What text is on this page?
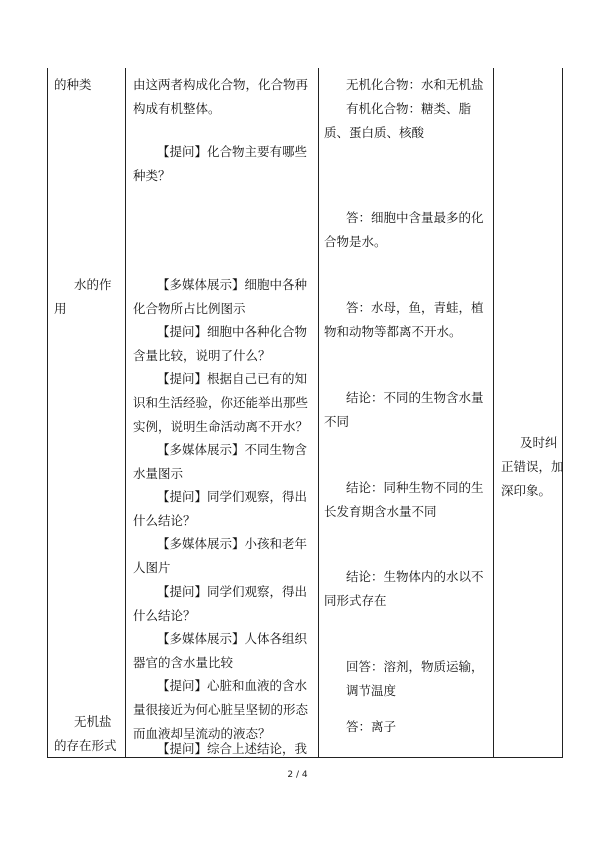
的种类
水的作
用
无机盐
的存在形式
由这两者构成化合物，化合物再
构成有机整体。
【提问】化合物主要有哪些
种类？
【多媒体展示】细胞中各种
化合物所占比例图示
【提问】细胞中各种化合物
含量比较，说明了什么？
【提问】根据自己已有的知
识和生活经验，你还能举出那些
实例，说明生命活动离不开水？
【多媒体展示】不同生物含
水量图示
【提问】同学们观察，得出
什么结论？
【多媒体展示】小孩和老年
人图片
【提问】同学们观察，得出
什么结论？
【多媒体展示】人体各组织
器官的含水量比较
【提问】心脏和血液的含水
量很接近为何心脏呈坚韧的形态
而血液却呈流动的液态？
【提问】综合上述结论，我
无机化合物：水和无机盐
有机化合物：糖类、脂
质、蛋白质、核酸
答：细胞中含量最多的化
合物是水。
答：水母，鱼，青蛙，植
物和动物等都离不开水。
结论：不同的生物含水量
不同
结论：同种生物不同的生
长发育期含水量不同
结论：生物体内的水以不
同形式存在
回答：溶剂，物质运输，
调节温度
答：离子
及时纠
正错误，加
深印象。
2 / 4
